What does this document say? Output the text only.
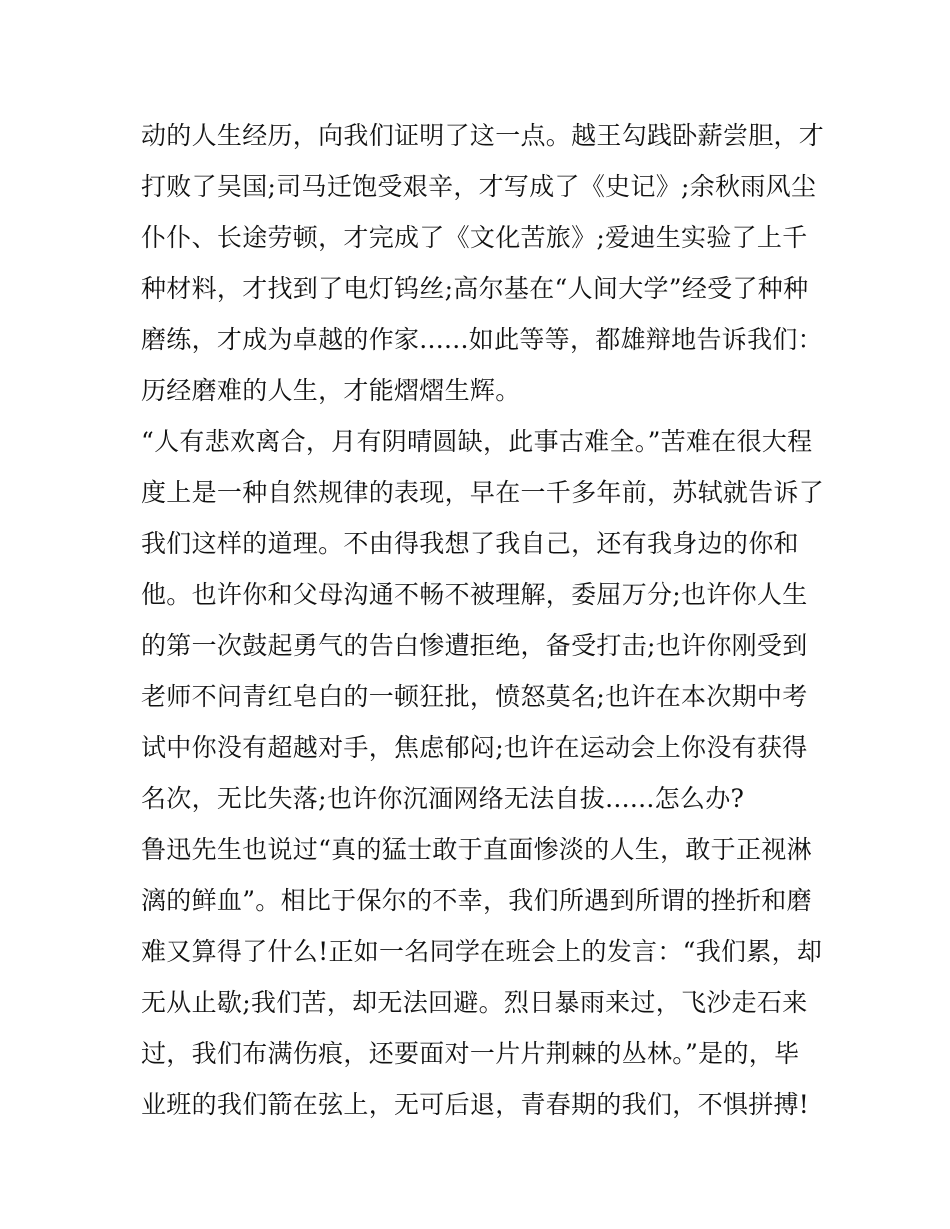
动的人生经历，向我们证明了这一点。越王勾践卧薪尝胆，才
打败了吴国;司马迁饱受艰辛，才写成了《史记》;余秋雨风尘
仆仆、长途劳顿，才完成了《文化苦旅》;爱迪生实验了上千
种材料，才找到了电灯钨丝;高尔基在“人间大学”经受了种种
磨练，才成为卓越的作家......如此等等，都雄辩地告诉我们：
历经磨难的人生，才能熠熠生辉。
“人有悲欢离合，月有阴晴圆缺，此事古难全。”苦难在很大程
度上是一种自然规律的表现，早在一千多年前，苏轼就告诉了
我们这样的道理。不由得我想了我自己，还有我身边的你和
他。也许你和父母沟通不畅不被理解，委屈万分;也许你人生
的第一次鼓起勇气的告白惨遭拒绝，备受打击;也许你刚受到
老师不问青红皂白的一顿狂批，愤怒莫名;也许在本次期中考
试中你没有超越对手，焦虑郁闷;也许在运动会上你没有获得
名次，无比失落;也许你沉湎网络无法自拔......怎么办?
鲁迅先生也说过“真的猛士敢于直面惨淡的人生，敢于正视淋
漓的鲜血”。相比于保尔的不幸，我们所遇到所谓的挫折和磨
难又算得了什么!正如一名同学在班会上的发言：“我们累，却
无从止歇;我们苦，却无法回避。烈日暴雨来过，飞沙走石来
过，我们布满伤痕，还要面对一片片荆棘的丛林。”是的，毕
业班的我们箭在弦上，无可后退，青春期的我们，不惧拼搏!
